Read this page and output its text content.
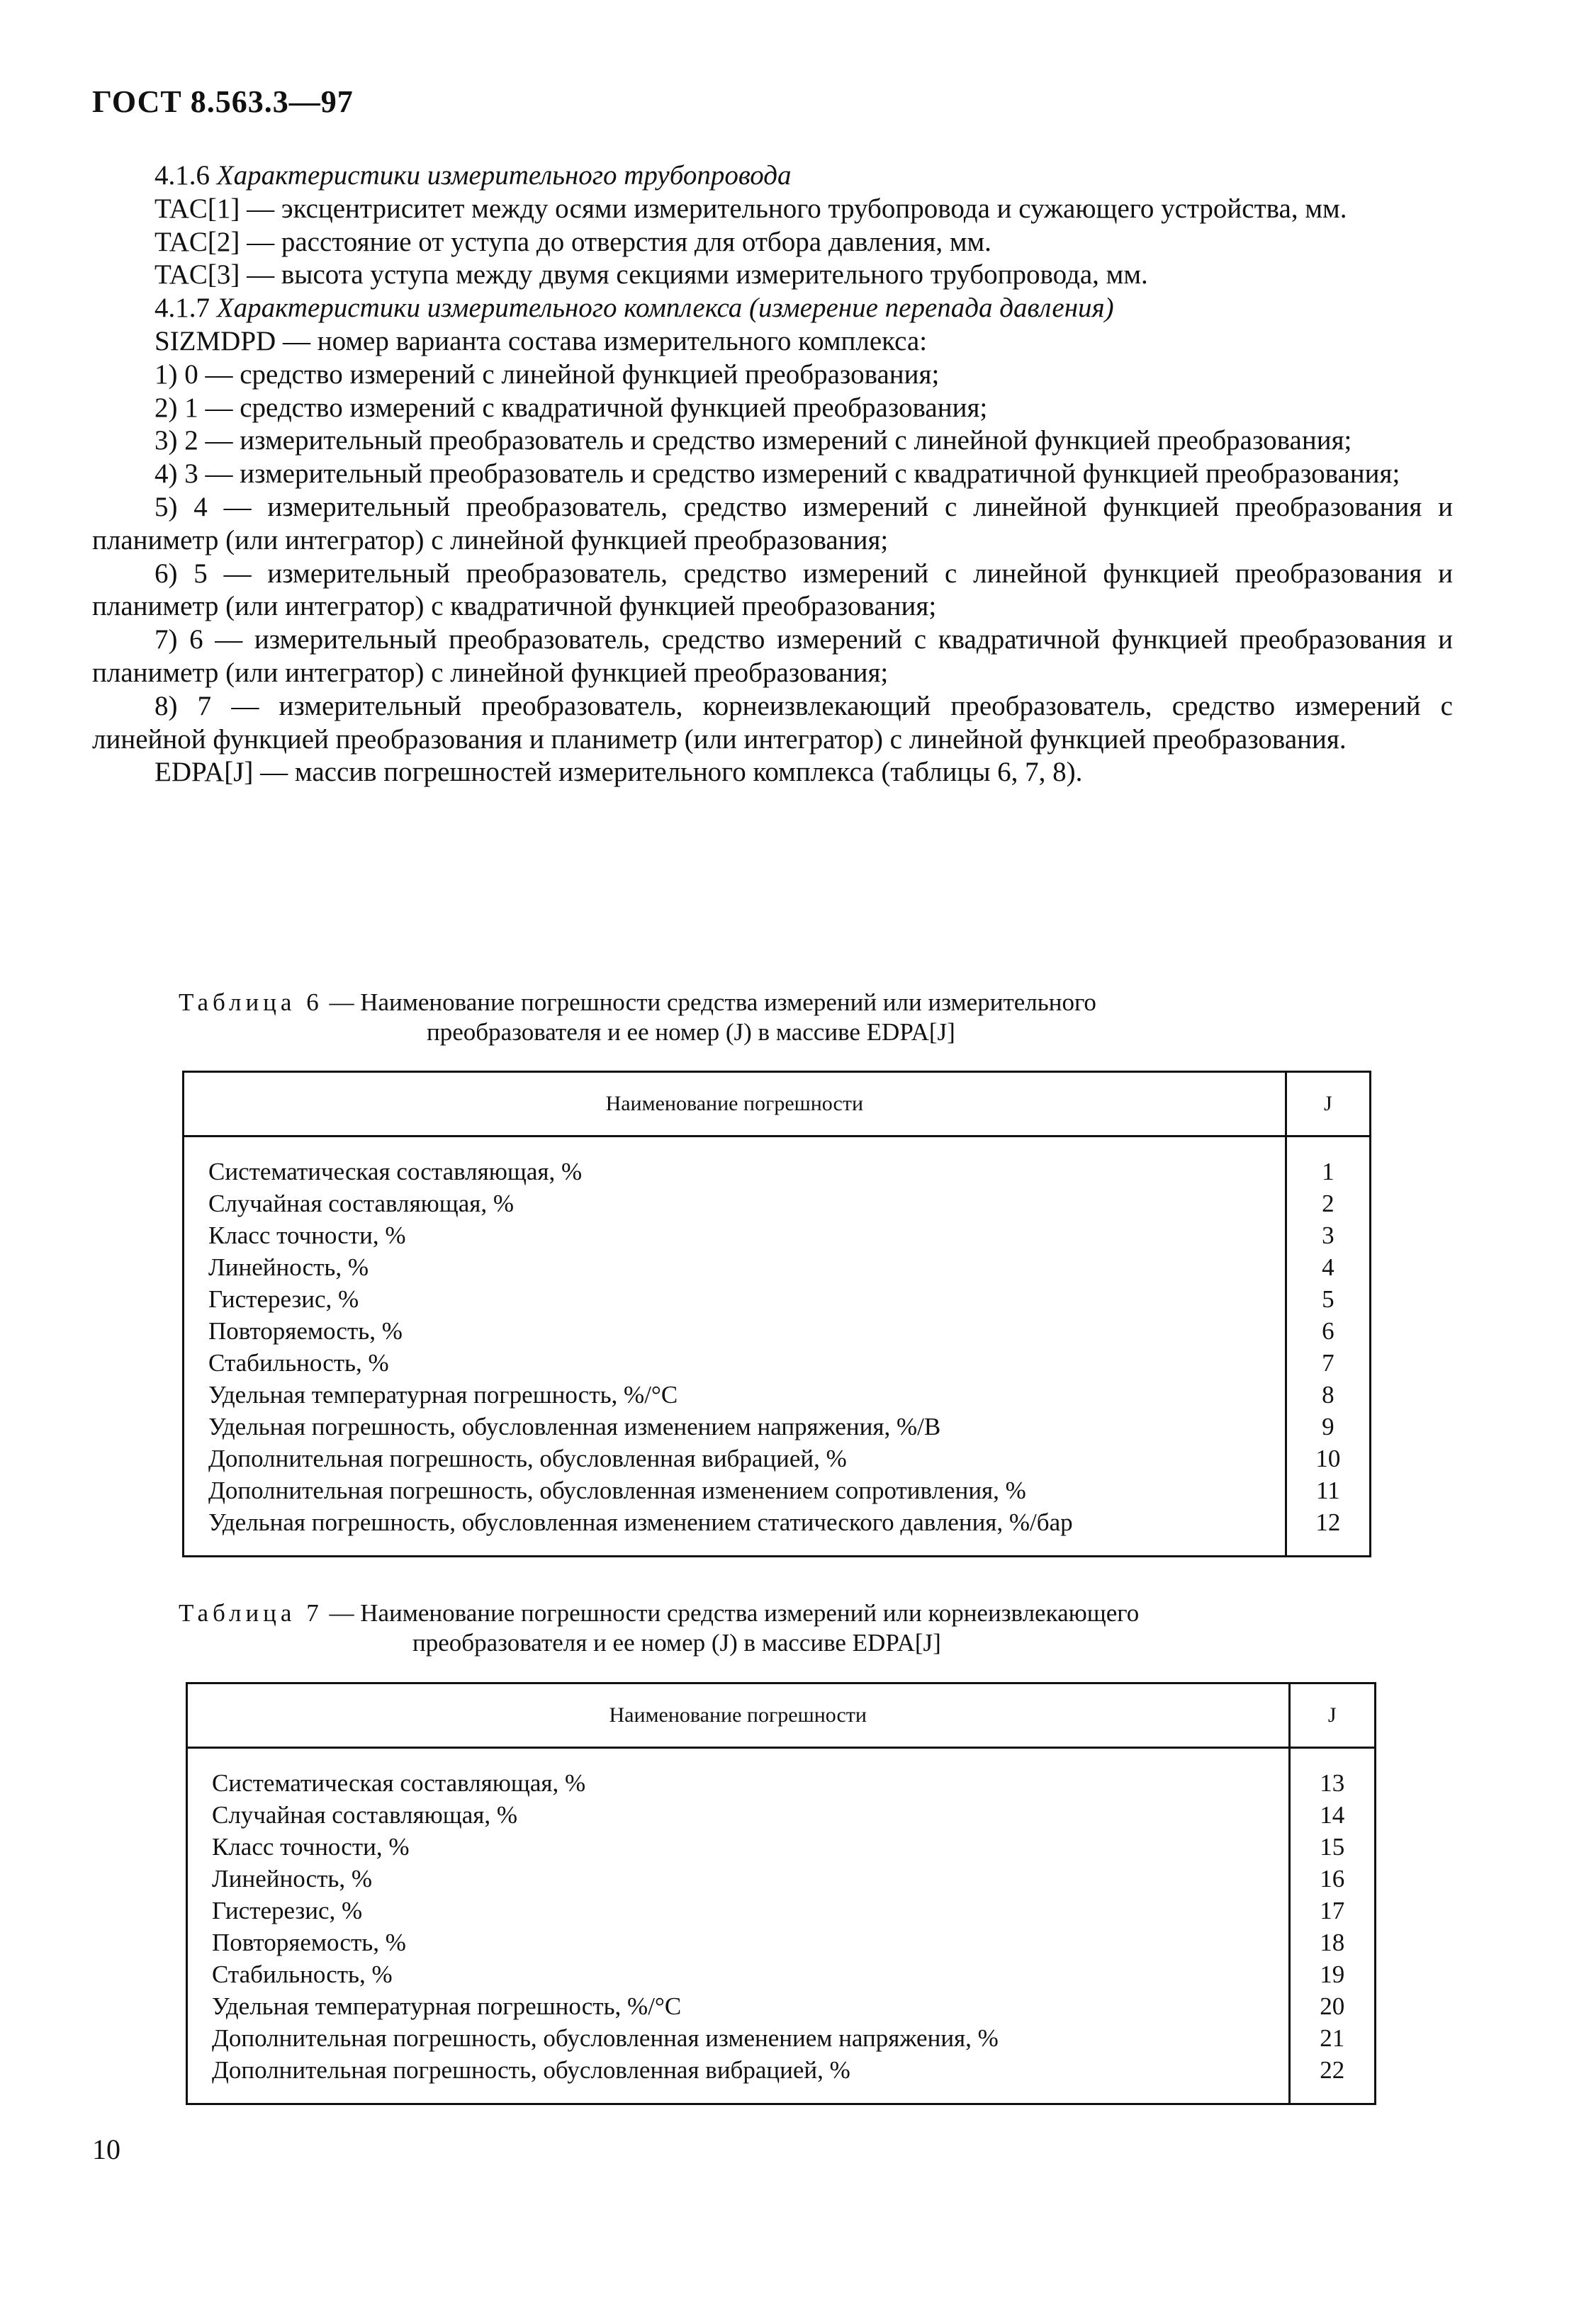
ГОСТ 8.563.3—97

4.1.6 Характеристики измерительного трубопровода

TAC[1] — эксцентриситет между осями измерительного трубопровода и сужающего устройства, мм.

TAC[2] — расстояние от уступа до отверстия для отбора давления, мм.

TAC[3] — высота уступа между двумя секциями измерительного трубопровода, мм.

4.1.7 Характеристики измерительного комплекса (измерение перепада давления)

SIZMDPD — номер варианта состава измерительного комплекса:

1) 0 — средство измерений с линейной функцией преобразования;

2) 1 — средство измерений с квадратичной функцией преобразования;

3) 2 — измерительный преобразователь и средство измерений с линейной функцией преобразования;

4) 3 — измерительный преобразователь и средство измерений с квадратичной функцией преобразования;

5) 4 — измерительный преобразователь, средство измерений с линейной функцией преобразования и планиметр (или интегратор) с линейной функцией преобразования;

6) 5 — измерительный преобразователь, средство измерений с линейной функцией преобразования и планиметр (или интегратор) с квадратичной функцией преобразования;

7) 6 — измерительный преобразователь, средство измерений с квадратичной функцией преобразования и планиметр (или интегратор) с линейной функцией преобразования;

8) 7 — измерительный преобразователь, корнеизвлекающий преобразователь, средство измерений с линейной функцией преобразования и планиметр (или интегратор) с линейной функцией преобразования.

EDPA[J] — массив погрешностей измерительного комплекса (таблицы 6, 7, 8).

Таблица 6 — Наименование погрешности средства измерений или измерительного
преобразователя и ее номер (J) в массиве EDPA[J]
Наименование погрешности	J
Систематическая составляющая, %	1
Случайная составляющая, %	2
Класс точности, %	3
Линейность, %	4
Гистерезис, %	5
Повторяемость, %	6
Стабильность, %	7
Удельная температурная погрешность, %/°С	8
Удельная погрешность, обусловленная изменением напряжения, %/В	9
Дополнительная погрешность, обусловленная вибрацией, %	10
Дополнительная погрешность, обусловленная изменением сопротивления, %	11
Удельная погрешность, обусловленная изменением статического давления, %/бар	12
Таблица 7 — Наименование погрешности средства измерений или корнеизвлекающего
преобразователя и ее номер (J) в массиве EDPA[J]
Наименование погрешности	J
Систематическая составляющая, %	13
Случайная составляющая, %	14
Класс точности, %	15
Линейность, %	16
Гистерезис, %	17
Повторяемость, %	18
Стабильность, %	19
Удельная температурная погрешность, %/°С	20
Дополнительная погрешность, обусловленная изменением напряжения, %	21
Дополнительная погрешность, обусловленная вибрацией, %	22
10
